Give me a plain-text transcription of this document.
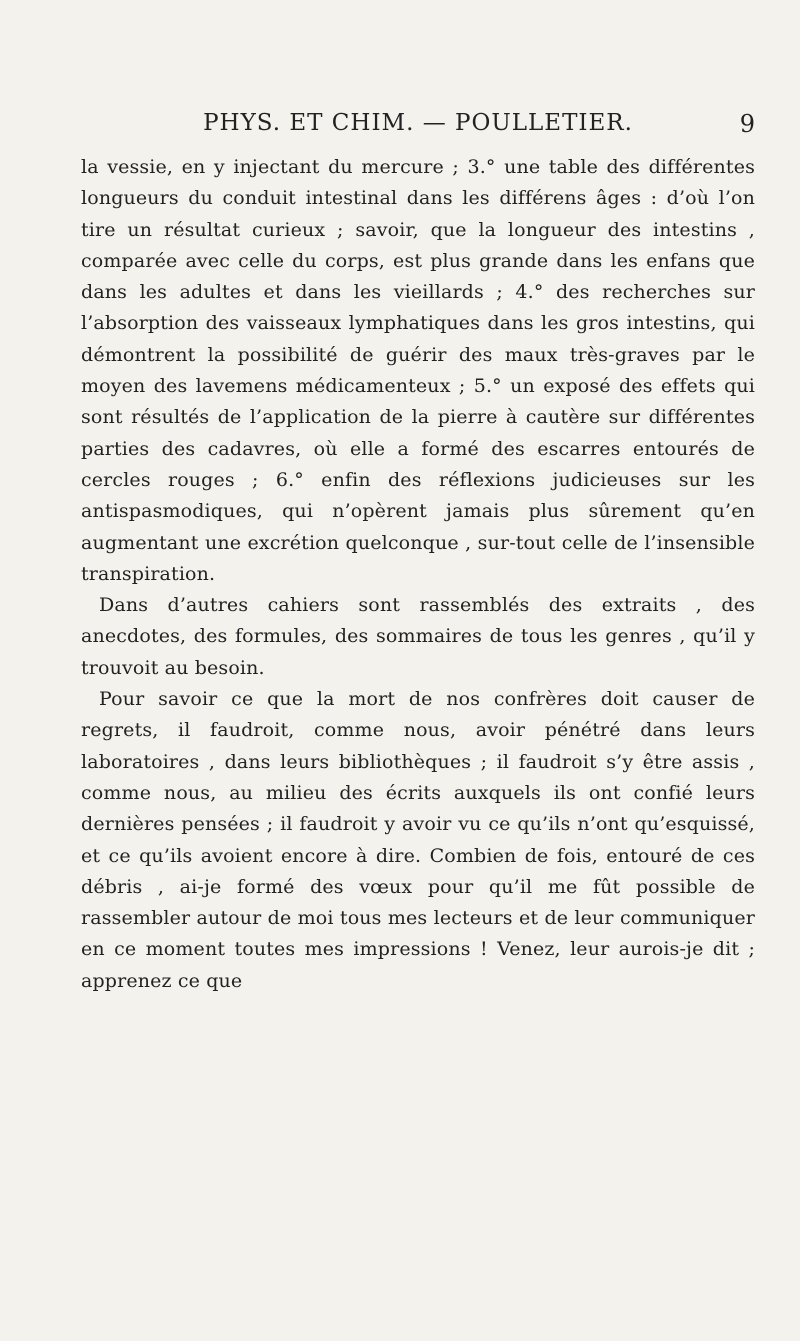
PHYS. ET CHIM. — POULLETIER.	9

la vessie, en y injectant du mercure ; 3.° une table des différentes longueurs du conduit intestinal dans les différens âges : d’où l’on tire un résultat curieux ; savoir, que la longueur des intestins , comparée avec celle du corps, est plus grande dans les enfans que dans les adultes et dans les vieillards ; 4.° des recherches sur l’absorption des vaisseaux lymphatiques dans les gros intestins, qui démontrent la possibilité de guérir des maux très-graves par le moyen des lavemens médicamenteux ; 5.° un exposé des effets qui sont résultés de l’application de la pierre à cautère sur différentes parties des cadavres, où elle a formé des escarres entourés de cercles rouges ; 6.° enfin des réflexions judicieuses sur les antispasmodiques, qui n’opèrent jamais plus sûrement qu’en augmentant une excrétion quelconque , sur-tout celle de l’insensible transpiration.

Dans d’autres cahiers sont rassemblés des extraits , des anecdotes, des formules, des sommaires de tous les genres , qu’il y trouvoit au besoin.

Pour savoir ce que la mort de nos confrères doit causer de regrets, il faudroit, comme nous, avoir pénétré dans leurs laboratoires , dans leurs bibliothèques ; il faudroit s’y être assis , comme nous, au milieu des écrits auxquels ils ont confié leurs dernières pensées ; il faudroit y avoir vu ce qu’ils n’ont qu’esquissé, et ce qu’ils avoient encore à dire. Combien de fois, entouré de ces débris , ai-je formé des vœux pour qu’il me fût possible de rassembler autour de moi tous mes lecteurs et de leur communiquer en ce moment toutes mes impressions ! Venez, leur aurois-je dit ; apprenez ce que
